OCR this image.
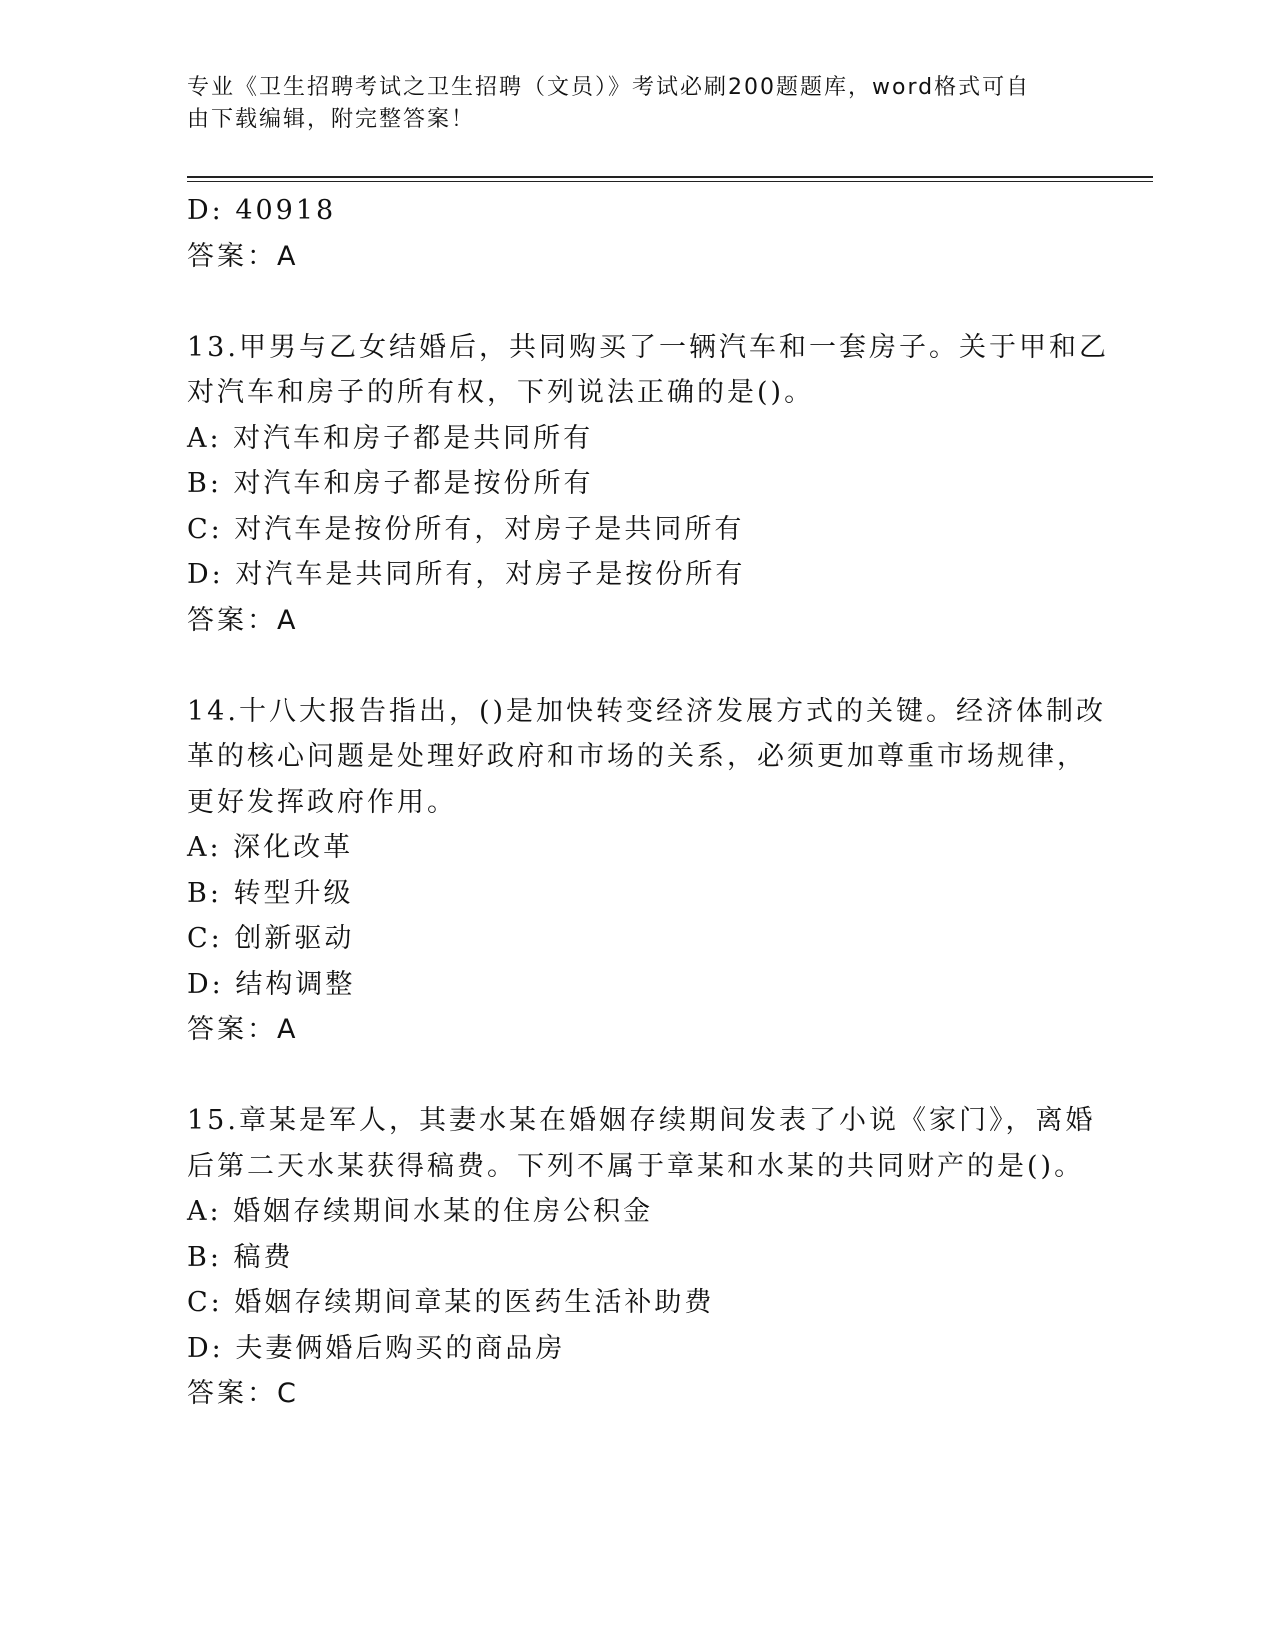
专业《卫生招聘考试之卫生招聘（文员）》考试必刷200题题库，word格式可自
由下载编辑，附完整答案！
D: 40918
答案：A
13.甲男与乙女结婚后，共同购买了一辆汽车和一套房子。关于甲和乙
对汽车和房子的所有权，下列说法正确的是()。
A: 对汽车和房子都是共同所有
B: 对汽车和房子都是按份所有
C: 对汽车是按份所有，对房子是共同所有
D: 对汽车是共同所有，对房子是按份所有
答案：A
14.十八大报告指出，()是加快转变经济发展方式的关键。经济体制改
革的核心问题是处理好政府和市场的关系，必须更加尊重市场规律，
更好发挥政府作用。
A: 深化改革
B: 转型升级
C: 创新驱动
D: 结构调整
答案：A
15.章某是军人，其妻水某在婚姻存续期间发表了小说《家门》，离婚
后第二天水某获得稿费。下列不属于章某和水某的共同财产的是()。
A: 婚姻存续期间水某的住房公积金
B: 稿费
C: 婚姻存续期间章某的医药生活补助费
D: 夫妻俩婚后购买的商品房
答案：C
